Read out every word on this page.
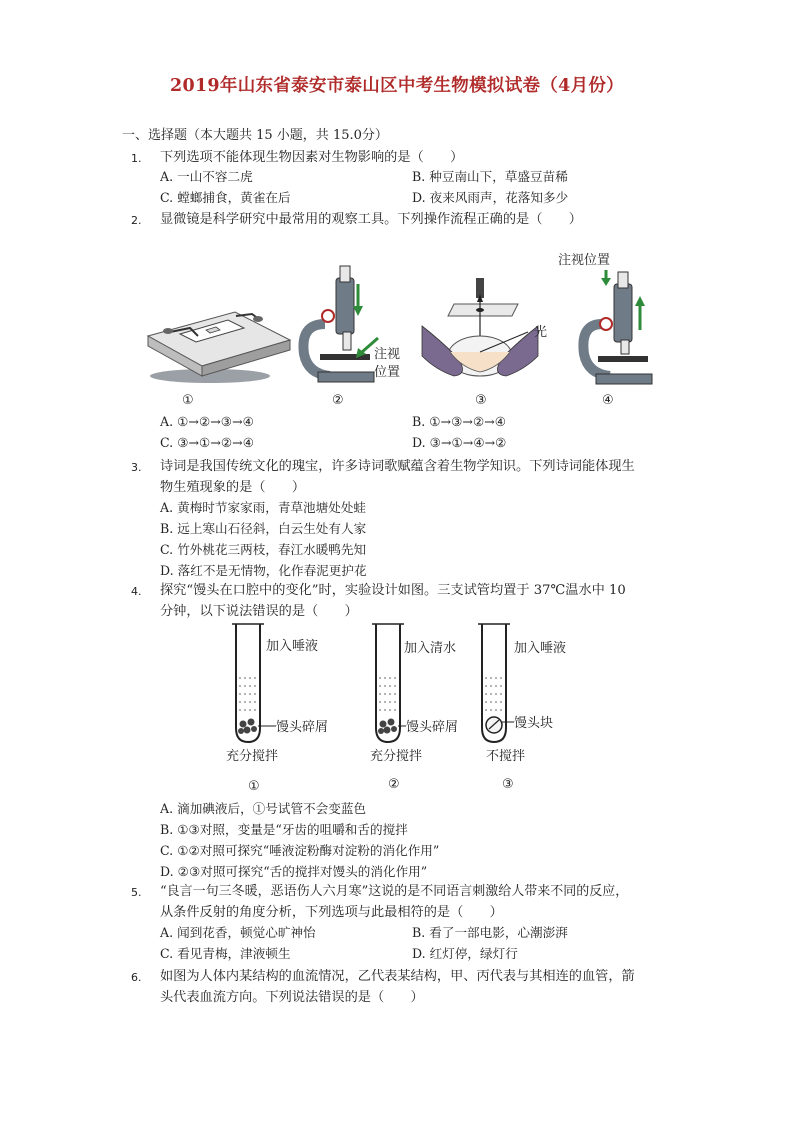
2019年山东省泰安市泰山区中考生物模拟试卷（4月份）
一、选择题（本大题共 15 小题，共 15.0分）
1. 下列选项不能体现生物因素对生物影响的是（　　）
A. 一山不容二虎	B. 种豆南山下，草盛豆苗稀
C. 螳螂捕食，黄雀在后	D. 夜来风雨声，花落知多少
2. 显微镜是科学研究中最常用的观察工具。下列操作流程正确的是（　　）
注视
位置
光
注视位置
①	②	③	④
A. ①→②→③→④	B. ①→③→②→④
C. ③→①→②→④	D. ③→①→④→②
3. 诗词是我国传统文化的瑰宝，许多诗词歌赋蕴含着生物学知识。下列诗词能体现生
物生殖现象的是（　　）
A. 黄梅时节家家雨，青草池塘处处蛙
B. 远上寒山石径斜，白云生处有人家
C. 竹外桃花三两枝，春江水暖鸭先知
D. 落红不是无情物，化作春泥更护花
4. 探究“馒头在口腔中的变化”时，实验设计如图。三支试管均置于 37℃温水中 10
分钟，以下说法错误的是（　　）
加入唾液
馒头碎屑
充分搅拌
①
加入清水
馒头碎屑
充分搅拌
②
加入唾液
馒头块
不搅拌
③
A. 滴加碘液后，①号试管不会变蓝色
B. ①③对照，变量是“牙齿的咀嚼和舌的搅拌
C. ①②对照可探究“唾液淀粉酶对淀粉的消化作用”
D. ②③对照可探究“舌的搅拌对馒头的消化作用”
5. “良言一句三冬暖，恶语伤人六月寒”这说的是不同语言刺激给人带来不同的反应，
从条件反射的角度分析，下列选项与此最相符的是（　　）
A. 闻到花香，顿觉心旷神怡	B. 看了一部电影，心潮澎湃
C. 看见青梅，津液顿生	D. 红灯停，绿灯行
6. 如图为人体内某结构的血流情况，乙代表某结构，甲、丙代表与其相连的血管，箭
头代表血流方向。下列说法错误的是（　　）
